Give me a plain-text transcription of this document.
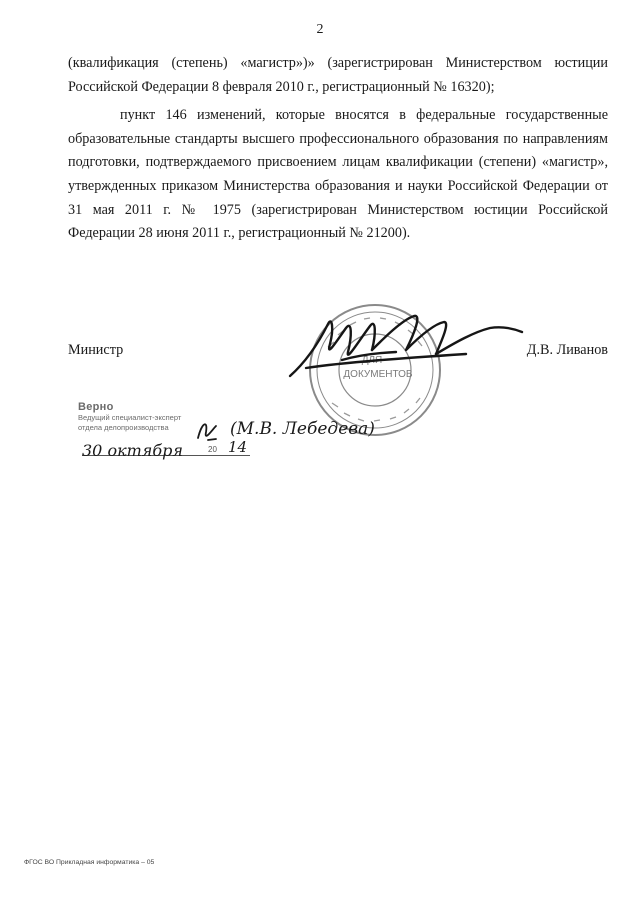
2

(квалификация (степень) «магистр»)» (зарегистрирован Министерством юстиции Российской Федерации 8 февраля 2010 г., регистрационный № 16320);

пункт 146 изменений, которые вносятся в федеральные государственные образовательные стандарты высшего профессионального образования по направлениям подготовки, подтверждаемого присвоением лицам квалификации (степени) «магистр», утвержденных приказом Министерства образования и науки Российской Федерации от 31 мая 2011 г. № 1975 (зарегистрирован Министерством юстиции Российской Федерации 28 июня 2011 г., регистрационный № 21200).

Министр	Д.В. Ливанов
ДЛЯ
ДОКУМЕНТОВ
Верно
Ведущий специалист-эксперт
отдела делопроизводства
20
(М.В. Лебедева)
30 октября	14
ФГОС ВО Прикладная информатика – 05
